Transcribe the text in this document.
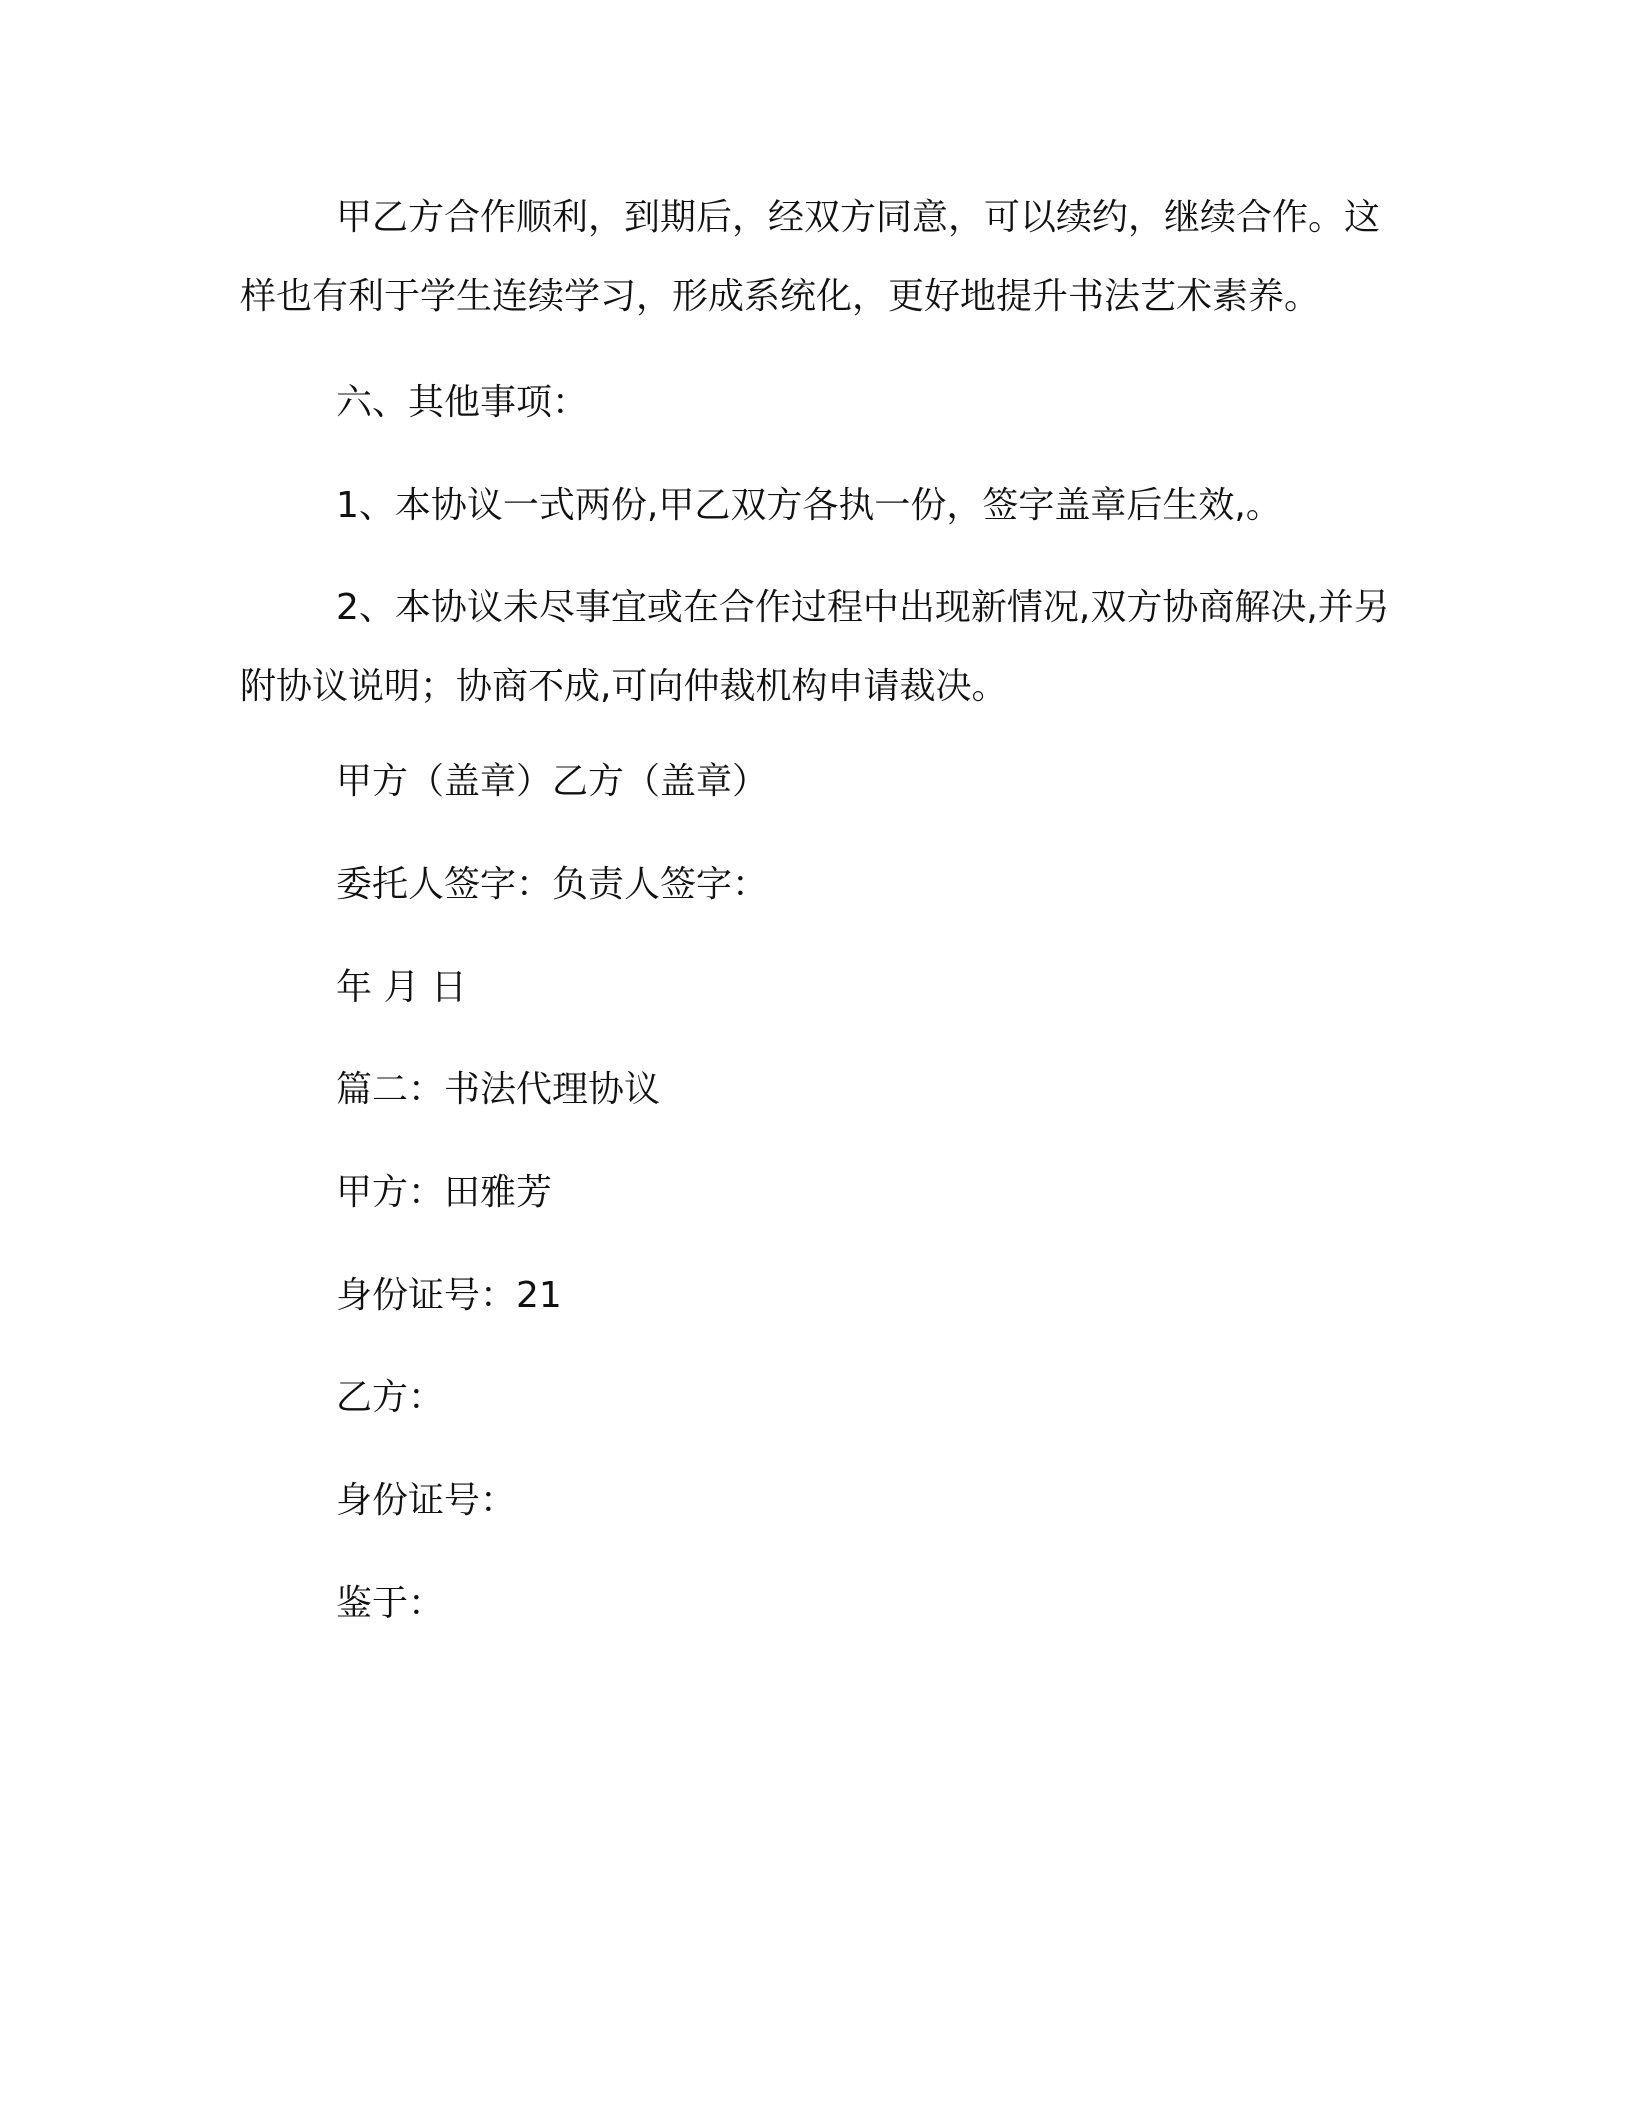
甲乙方合作顺利，到期后，经双方同意，可以续约，继续合作。这样也有利于学生连续学习，形成系统化，更好地提升书法艺术素养。

六、其他事项：

1、本协议一式两份,甲乙双方各执一份，签字盖章后生效,。

2、本协议未尽事宜或在合作过程中出现新情况,双方协商解决,并另附协议说明；协商不成,可向仲裁机构申请裁决。

甲方（盖章）乙方（盖章）

委托人签字：负责人签字：

年 月 日

篇二：书法代理协议

甲方：田雅芳

身份证号：21

乙方：

身份证号：

鉴于：
